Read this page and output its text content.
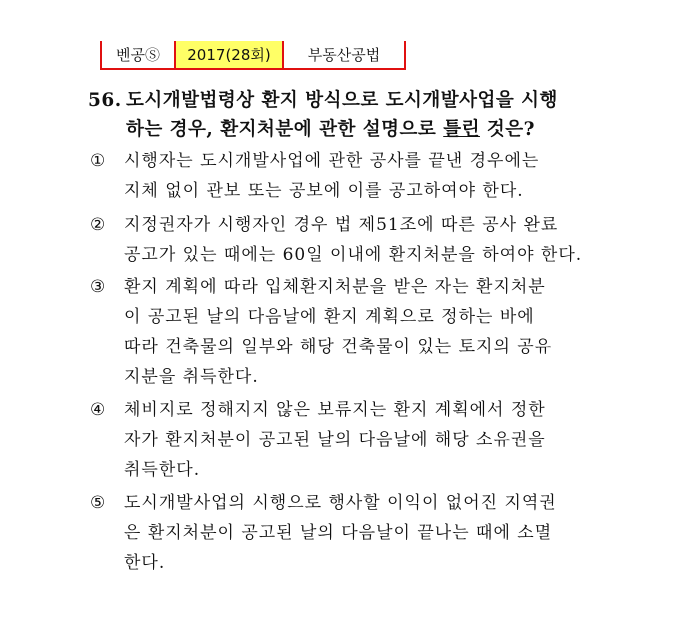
벤공Ⓢ	2017(28회)	부동산공법
56. 도시개발법령상 환지 방식으로 도시개발사업을 시행
하는 경우, 환지처분에 관한 설명으로 틀린 것은?
①	시행자는 도시개발사업에 관한 공사를 끝낸 경우에는
지체 없이 관보 또는 공보에 이를 공고하여야 한다.
②	지정권자가 시행자인 경우 법 제51조에 따른 공사 완료
공고가 있는 때에는 60일 이내에 환지처분을 하여야 한다.
③	환지 계획에 따라 입체환지처분을 받은 자는 환지처분
이 공고된 날의 다음날에 환지 계획으로 정하는 바에
따라 건축물의 일부와 해당 건축물이 있는 토지의 공유
지분을 취득한다.
④	체비지로 정해지지 않은 보류지는 환지 계획에서 정한
자가 환지처분이 공고된 날의 다음날에 해당 소유권을
취득한다.
⑤	도시개발사업의 시행으로 행사할 이익이 없어진 지역권
은 환지처분이 공고된 날의 다음날이 끝나는 때에 소멸
한다.
